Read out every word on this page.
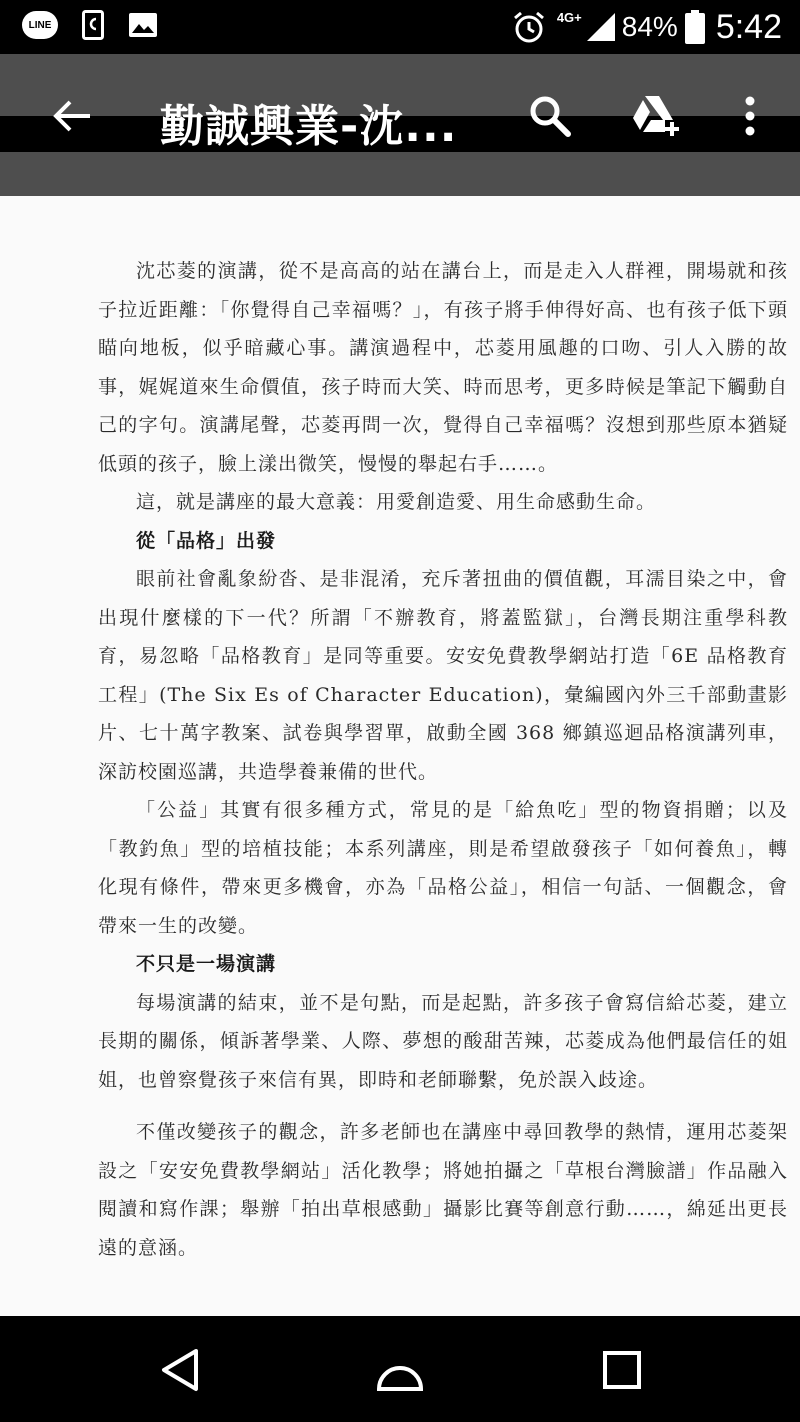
LINE	4G+ 84% 5:42
勤誠興業-沈...

沈芯菱的演講，從不是高高的站在講台上，而是走入人群裡，開場就和孩子拉近距離：「你覺得自己幸福嗎？」，有孩子將手伸得好高、也有孩子低下頭瞄向地板，似乎暗藏心事。講演過程中，芯菱用風趣的口吻、引人入勝的故事，娓娓道來生命價值，孩子時而大笑、時而思考，更多時候是筆記下觸動自己的字句。演講尾聲，芯菱再問一次，覺得自己幸福嗎？沒想到那些原本猶疑低頭的孩子，臉上漾出微笑，慢慢的舉起右手……。

這，就是講座的最大意義：用愛創造愛、用生命感動生命。

從「品格」出發

眼前社會亂象紛沓、是非混淆，充斥著扭曲的價值觀，耳濡目染之中，會出現什麼樣的下一代？所謂「不辦教育，將蓋監獄」，台灣長期注重學科教育，易忽略「品格教育」是同等重要。安安免費教學網站打造「6E 品格教育工程」(The Six Es of Character Education)，彙編國內外三千部動畫影片、七十萬字教案、試卷與學習單，啟動全國 368 鄉鎮巡迴品格演講列車，深訪校園巡講，共造學養兼備的世代。

「公益」其實有很多種方式，常見的是「給魚吃」型的物資捐贈；以及「教釣魚」型的培植技能；本系列講座，則是希望啟發孩子「如何養魚」，轉化現有條件，帶來更多機會，亦為「品格公益」，相信一句話、一個觀念，會帶來一生的改變。

不只是一場演講

每場演講的結束，並不是句點，而是起點，許多孩子會寫信給芯菱，建立長期的關係，傾訴著學業、人際、夢想的酸甜苦辣，芯菱成為他們最信任的姐姐，也曾察覺孩子來信有異，即時和老師聯繫，免於誤入歧途。

不僅改變孩子的觀念，許多老師也在講座中尋回教學的熱情，運用芯菱架設之「安安免費教學網站」活化教學；將她拍攝之「草根台灣臉譜」作品融入閱讀和寫作課；舉辦「拍出草根感動」攝影比賽等創意行動……，綿延出更長遠的意涵。
